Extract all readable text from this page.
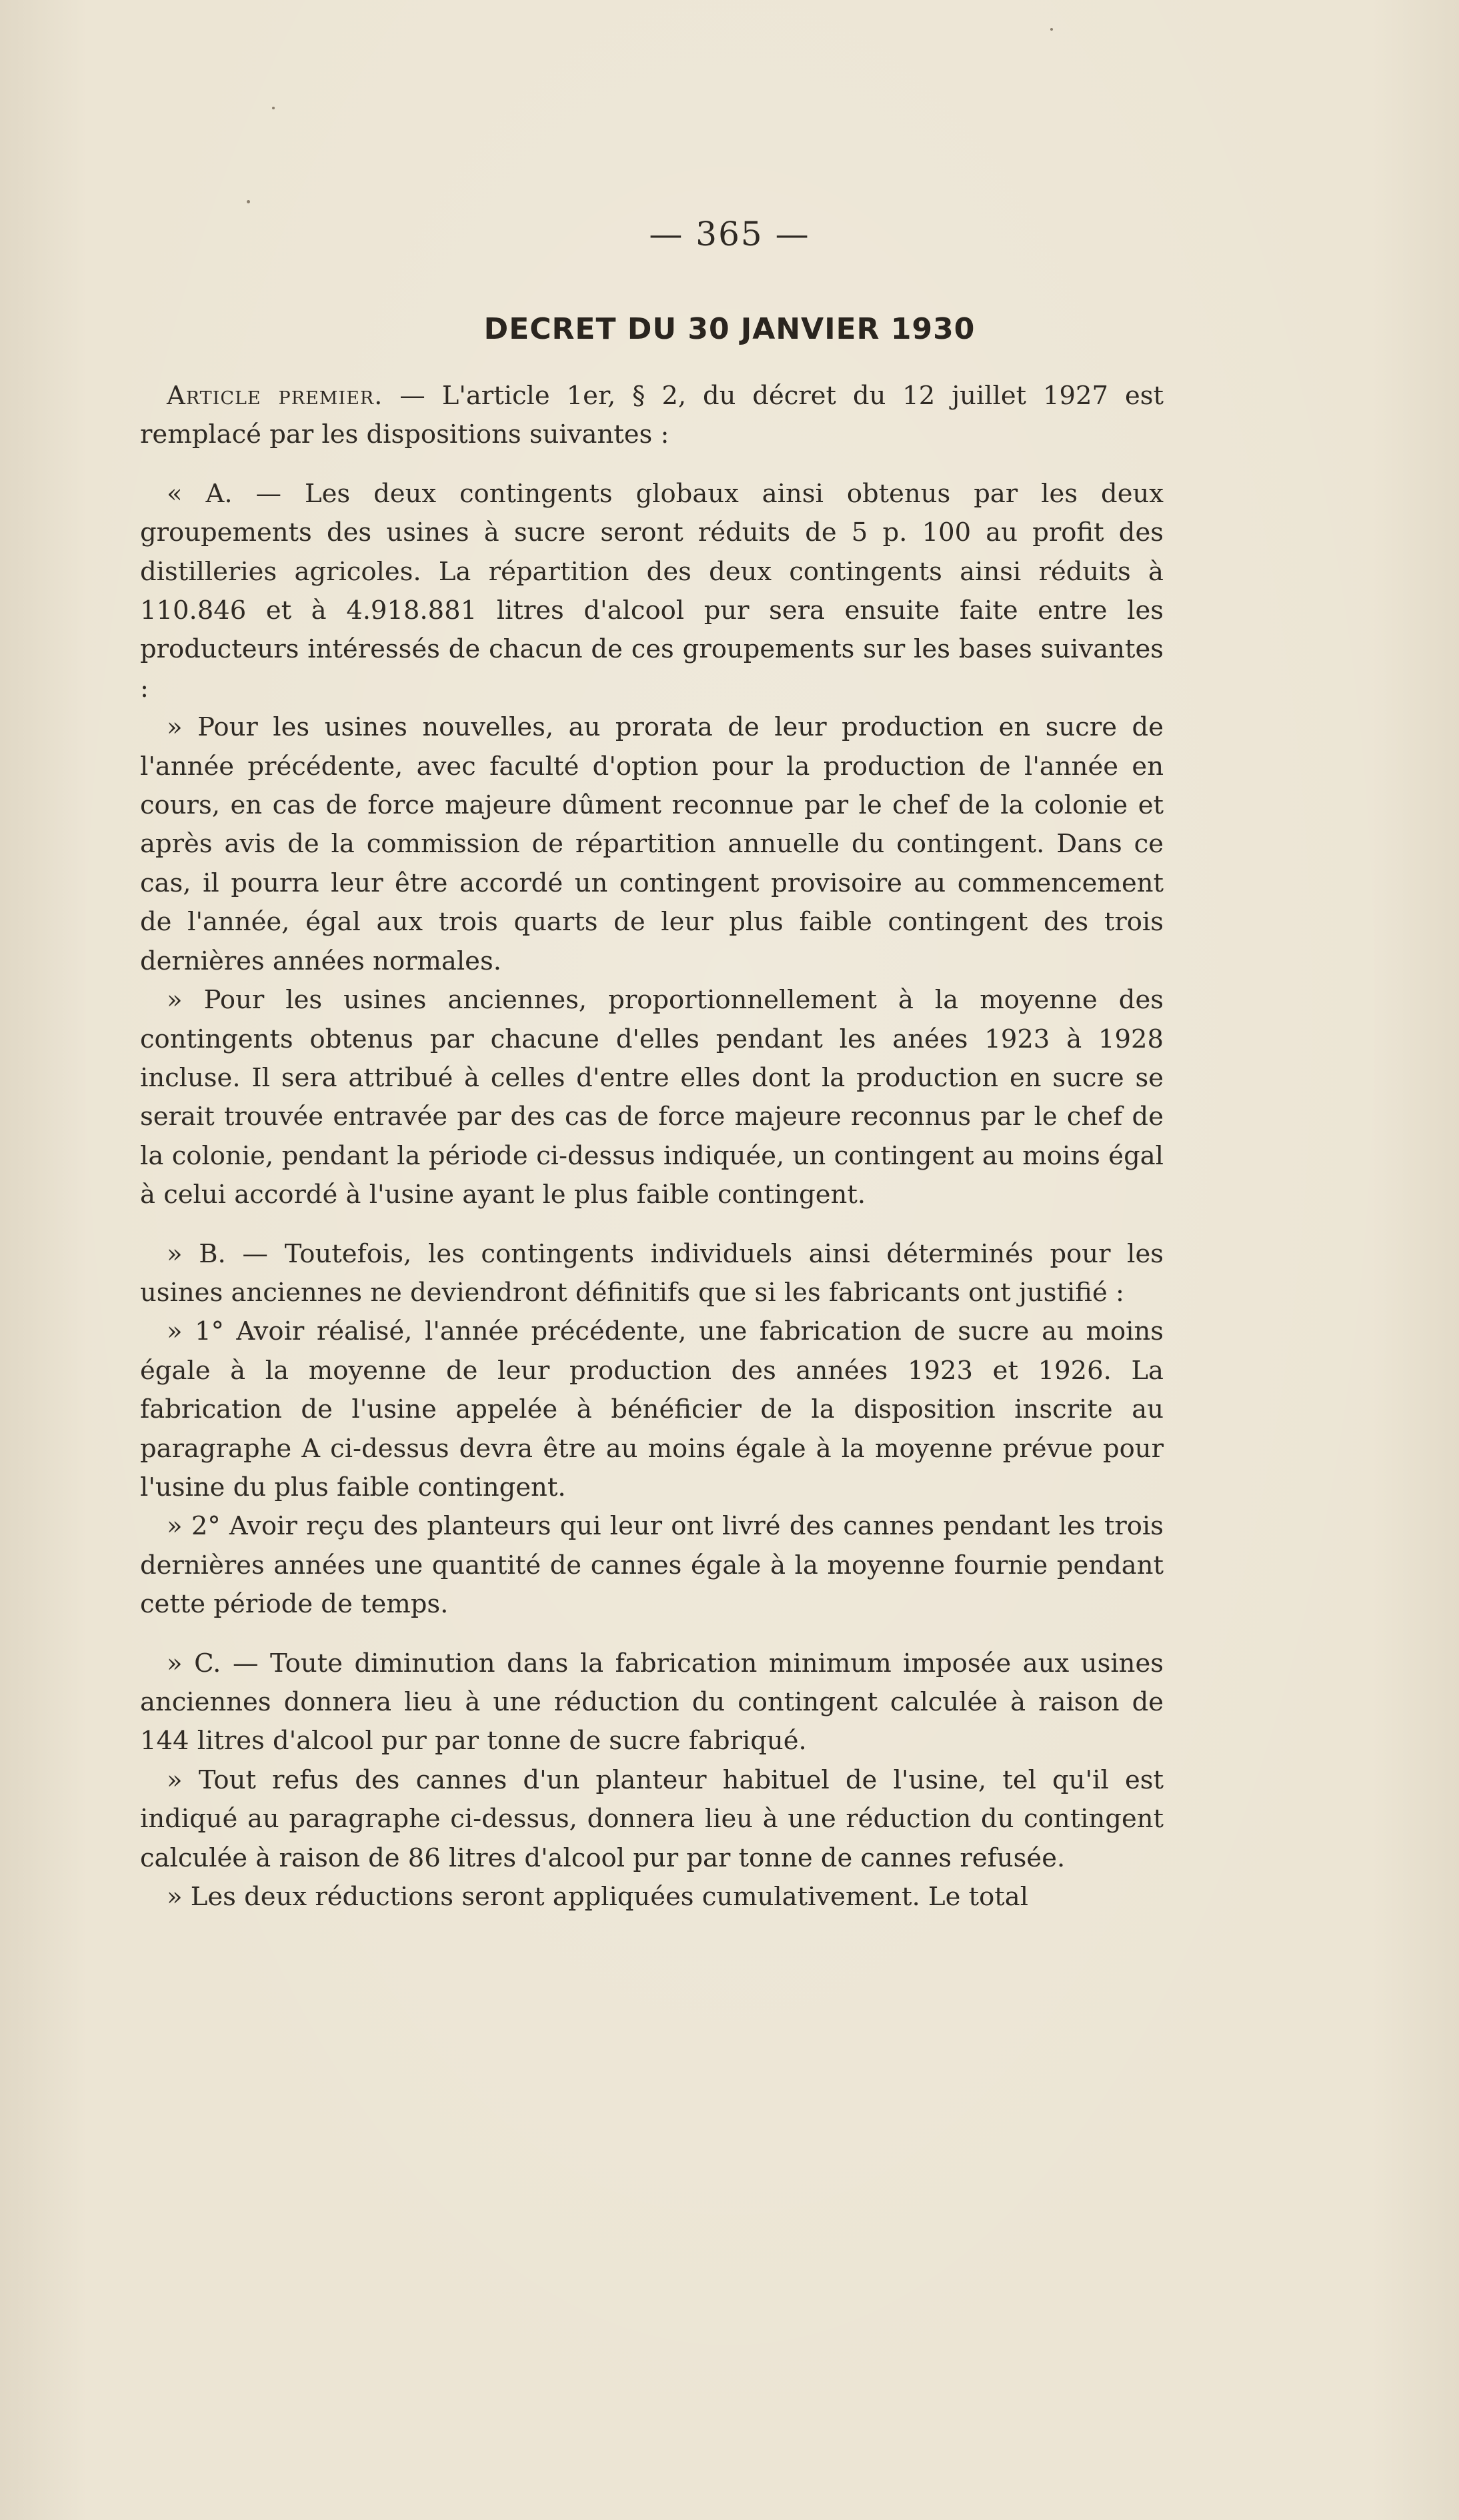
— 365 —
DECRET DU 30 JANVIER 1930

Article premier. — L'article 1er, § 2, du décret du 12 juillet 1927 est remplacé par les dispositions suivantes :

« A. — Les deux contingents globaux ainsi obtenus par les deux groupements des usines à sucre seront réduits de 5 p. 100 au profit des distilleries agricoles. La répartition des deux contingents ainsi réduits à 110.846 et à 4.918.881 litres d'alcool pur sera ensuite faite entre les producteurs intéressés de chacun de ces groupements sur les bases suivantes :

» Pour les usines nouvelles, au prorata de leur production en sucre de l'année précédente, avec faculté d'option pour la production de l'année en cours, en cas de force majeure dûment reconnue par le chef de la colonie et après avis de la commission de répartition annuelle du contingent. Dans ce cas, il pourra leur être accordé un contingent provisoire au commencement de l'année, égal aux trois quarts de leur plus faible contingent des trois dernières années normales.

» Pour les usines anciennes, proportionnellement à la moyenne des contingents obtenus par chacune d'elles pendant les anées 1923 à 1928 incluse. Il sera attribué à celles d'entre elles dont la production en sucre se serait trouvée entravée par des cas de force majeure reconnus par le chef de la colonie, pendant la période ci-dessus indiquée, un contingent au moins égal à celui accordé à l'usine ayant le plus faible contingent.

» B. — Toutefois, les contingents individuels ainsi déterminés pour les usines anciennes ne deviendront définitifs que si les fabricants ont justifié :

» 1° Avoir réalisé, l'année précédente, une fabrication de sucre au moins égale à la moyenne de leur production des années 1923 et 1926. La fabrication de l'usine appelée à bénéficier de la disposition inscrite au paragraphe A ci-dessus devra être au moins égale à la moyenne prévue pour l'usine du plus faible contingent.

» 2° Avoir reçu des planteurs qui leur ont livré des cannes pendant les trois dernières années une quantité de cannes égale à la moyenne fournie pendant cette période de temps.

» C. — Toute diminution dans la fabrication minimum imposée aux usines anciennes donnera lieu à une réduction du contingent calculée à raison de 144 litres d'alcool pur par tonne de sucre fabriqué.

» Tout refus des cannes d'un planteur habituel de l'usine, tel qu'il est indiqué au paragraphe ci-dessus, donnera lieu à une réduction du contingent calculée à raison de 86 litres d'alcool pur par tonne de cannes refusée.

» Les deux réductions seront appliquées cumulativement. Le total
